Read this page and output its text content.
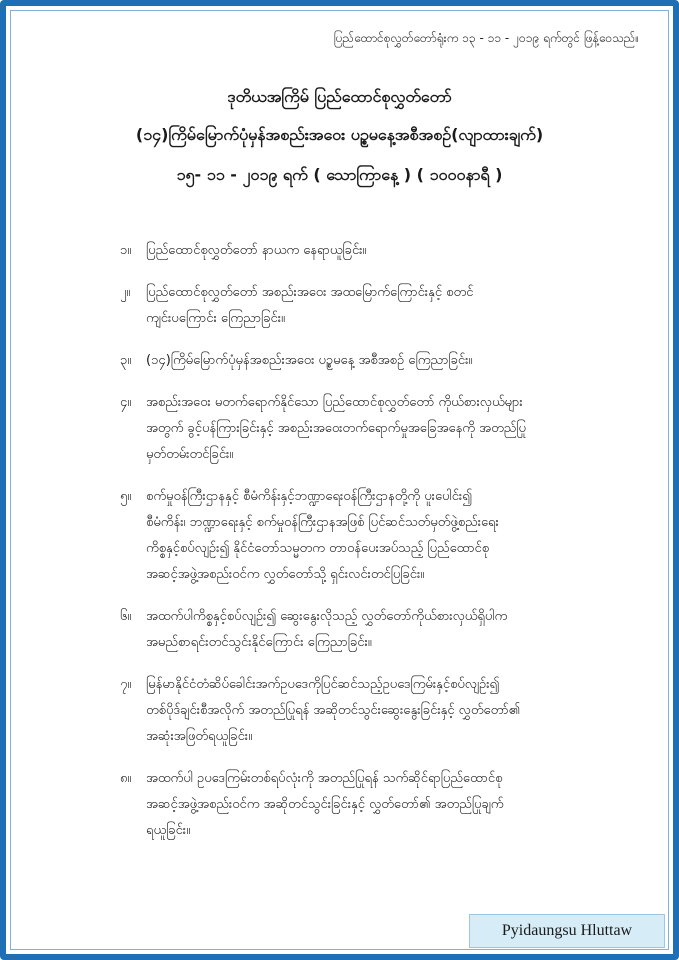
ပြည်ထောင်စုလွှတ်တော်ရုံးက ၁၃ - ၁၁ - ၂၀၁၉ ရက်တွင် ဖြန့်ဝေသည်။
ဒုတိယအကြိမ် ပြည်ထောင်စုလွှတ်တော်
(၁၄)ကြိမ်မြောက်ပုံမှန်အစည်းအဝေး ပဉ္စမနေ့အစီအစဉ်(လျာထားချက်)
၁၅- ၁၁ - ၂၀၁၉ ရက် ( သောကြာနေ့ ) ( ၁၀၀၀နာရီ )
၁။	ပြည်ထောင်စုလွှတ်တော် နာယက နေရာယူခြင်း။
၂။	ပြည်ထောင်စုလွှတ်တော် အစည်းအဝေး အထမြောက်ကြောင်းနှင့် စတင်
ကျင်းပကြောင်း ကြေညာခြင်း။
၃။	(၁၄)ကြိမ်မြောက်ပုံမှန်အစည်းအဝေး ပဉ္စမနေ့ အစီအစဉ် ကြေညာခြင်း။
၄။	အစည်းအဝေး မတက်ရောက်နိုင်သော ပြည်ထောင်စုလွှတ်တော် ကိုယ်စားလှယ်များ
အတွက် ခွင့်ပန်ကြားခြင်းနှင့် အစည်းအဝေးတက်ရောက်မှုအခြေအနေကို အတည်ပြု
မှတ်တမ်းတင်ခြင်း။
၅။	စက်မှုဝန်ကြီးဌာနနှင့် စီမံကိန်းနှင့်ဘဏ္ဍာရေးဝန်ကြီးဌာနတို့ကို ပူးပေါင်း၍
စီမံကိန်း၊ ဘဏ္ဍာရေးနှင့် စက်မှုဝန်ကြီးဌာနအဖြစ် ပြင်ဆင်သတ်မှတ်ဖွဲ့စည်းရေး
ကိစ္စနှင့်စပ်လျဉ်း၍ နိုင်ငံတော်သမ္မတက တာဝန်ပေးအပ်သည့် ပြည်ထောင်စု
အဆင့်အဖွဲ့အစည်းဝင်က လွှတ်တော်သို့ ရှင်းလင်းတင်ပြခြင်း။
၆။	အထက်ပါကိစ္စနှင့်စပ်လျဉ်း၍ ဆွေးနွေးလိုသည့် လွှတ်တော်ကိုယ်စားလှယ်ရှိပါက
အမည်စာရင်းတင်သွင်းနိုင်ကြောင်း ကြေညာခြင်း။
၇။	မြန်မာနိုင်ငံတံဆိပ်ခေါင်းအက်ဥပဒေကိုပြင်ဆင်သည့်ဥပဒေကြမ်းနှင့်စပ်လျဉ်း၍
တစ်ပိုဒ်ချင်းစီအလိုက် အတည်ပြုရန် အဆိုတင်သွင်းဆွေးနွေးခြင်းနှင့် လွှတ်တော်၏
အဆုံးအဖြတ်ရယူခြင်း။
၈။	အထက်ပါ ဥပဒေကြမ်းတစ်ရပ်လုံးကို အတည်ပြုရန် သက်ဆိုင်ရာပြည်ထောင်စု
အဆင့်အဖွဲ့အစည်းဝင်က အဆိုတင်သွင်းခြင်းနှင့် လွှတ်တော်၏ အတည်ပြုချက်
ရယူခြင်း။
Pyidaungsu Hluttaw
